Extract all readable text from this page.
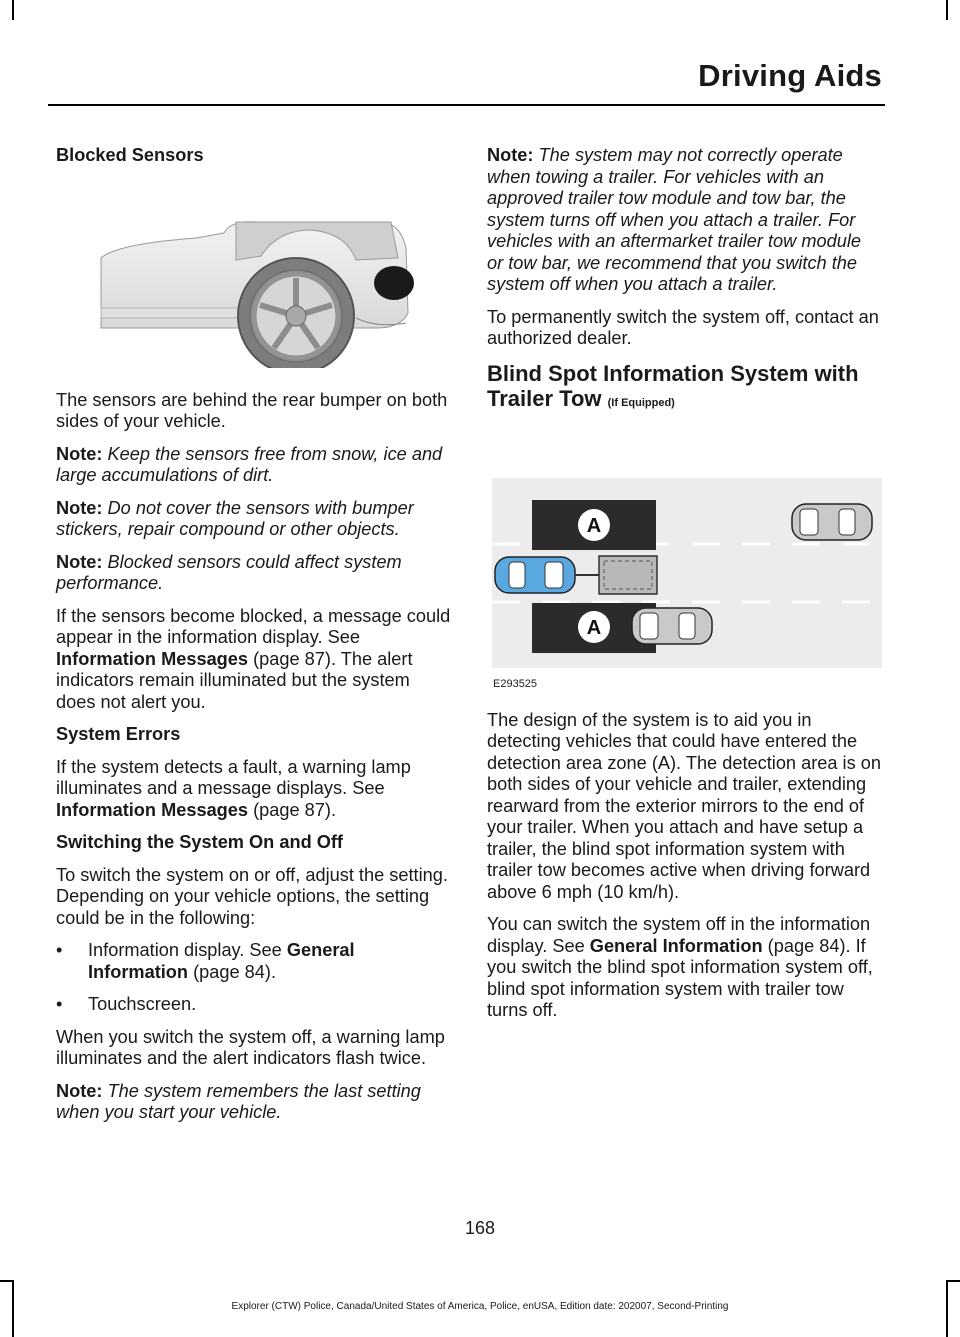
Driving Aids
Blocked Sensors

The sensors are behind the rear bumper on both sides of your vehicle.

Note: Keep the sensors free from snow, ice and large accumulations of dirt.

Note: Do not cover the sensors with bumper stickers, repair compound or other objects.

Note: Blocked sensors could affect system performance.

If the sensors become blocked, a message could appear in the information display. See Information Messages (page 87). The alert indicators remain illuminated but the system does not alert you.

System Errors

If the system detects a fault, a warning lamp illuminates and a message displays. See Information Messages (page 87).

Switching the System On and Off

To switch the system on or off, adjust the setting. Depending on your vehicle options, the setting could be in the following:

•	Information display. See General Information (page 84).
•	Touchscreen.

When you switch the system off, a warning lamp illuminates and the alert indicators flash twice.

Note: The system remembers the last setting when you start your vehicle.

Note: The system may not correctly operate when towing a trailer. For vehicles with an approved trailer tow module and tow bar, the system turns off when you attach a trailer. For vehicles with an aftermarket trailer tow module or tow bar, we recommend that you switch the system off when you attach a trailer.

To permanently switch the system off, contact an authorized dealer.

Blind Spot Information System with Trailer Tow (If Equipped)
A
A
E293525

The design of the system is to aid you in detecting vehicles that could have entered the detection area zone (A). The detection area is on both sides of your vehicle and trailer, extending rearward from the exterior mirrors to the end of your trailer. When you attach and have setup a trailer, the blind spot information system with trailer tow becomes active when driving forward above 6 mph (10 km/h).

You can switch the system off in the information display. See General Information (page 84). If you switch the blind spot information system off, blind spot information system with trailer tow turns off.

168
Explorer (CTW) Police, Canada/United States of America, Police, enUSA, Edition date: 202007, Second-Printing
